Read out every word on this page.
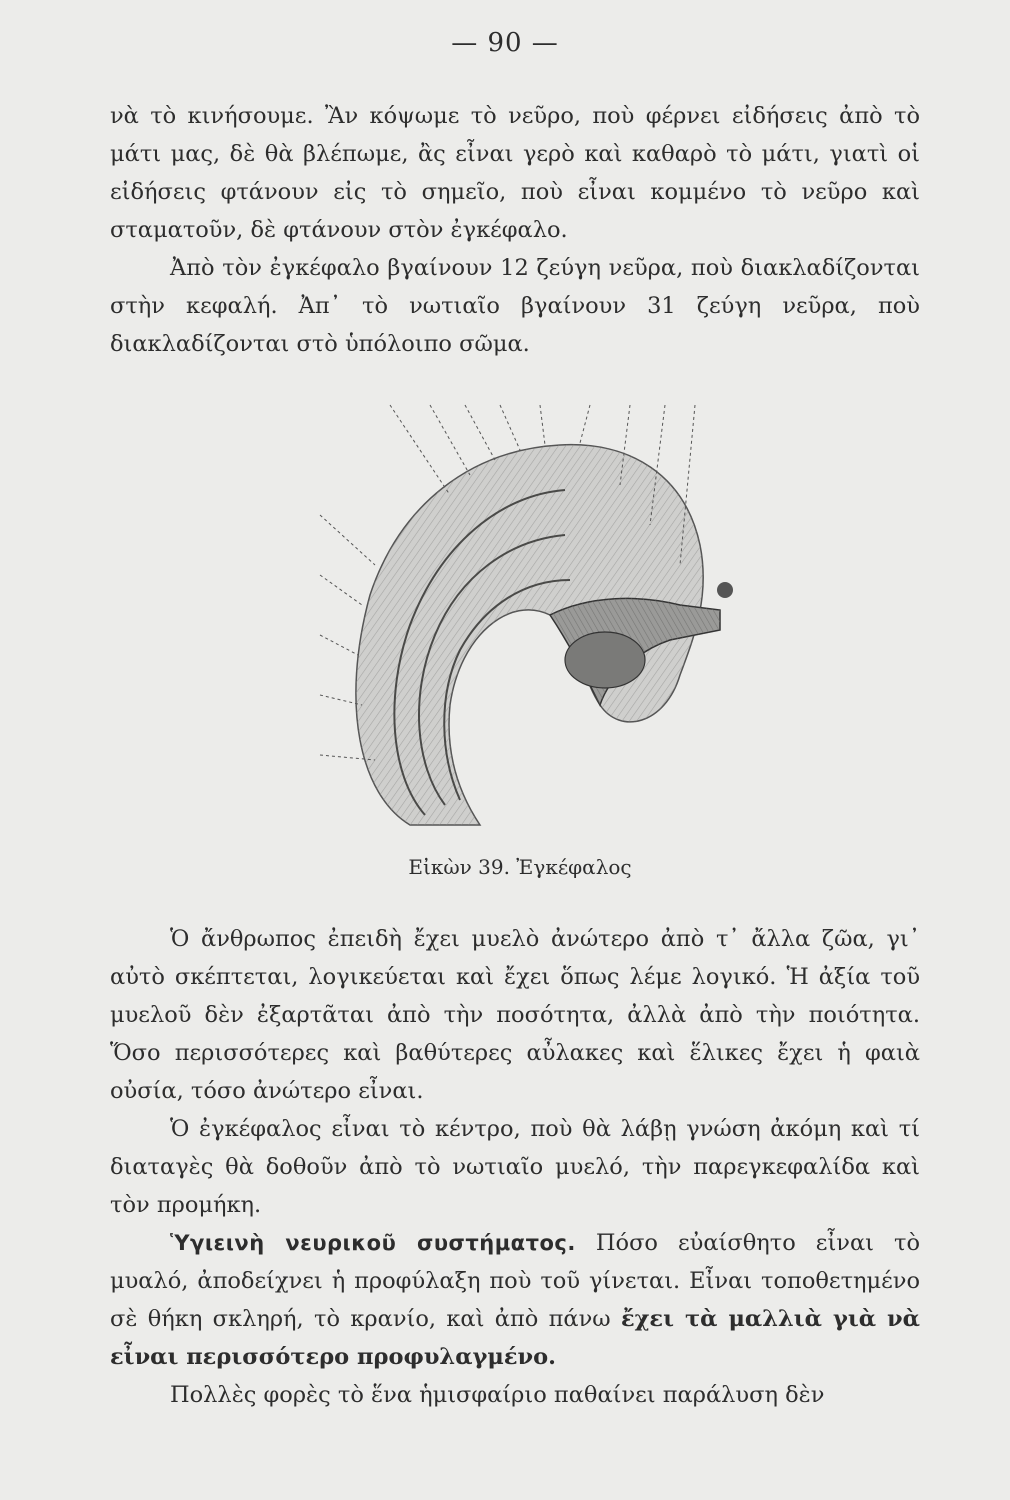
— 90 —

νὰ τὸ κινήσουμε. Ἂν κόψωμε τὸ νεῦρο, ποὺ φέρνει εἰδήσεις ἀπὸ τὸ μάτι μας, δὲ θὰ βλέπωμε, ἂς εἶναι γερὸ καὶ καθαρὸ τὸ μάτι, γιατὶ οἱ εἰδήσεις φτάνουν εἰς τὸ σημεῖο, ποὺ εἶναι κομμένο τὸ νεῦρο καὶ σταματοῦν, δὲ φτάνουν στὸν ἐγκέφαλο.

Ἀπὸ τὸν ἐγκέφαλο βγαίνουν 12 ζεύγη νεῦρα, ποὺ διακλαδίζονται στὴν κεφαλή. Ἀπ᾽ τὸ νωτιαῖο βγαίνουν 31 ζεύγη νεῦρα, ποὺ διακλαδίζονται στὸ ὑπόλοιπο σῶμα.

Εἰκὼν 39. Ἐγκέφαλος

Ὁ ἄνθρωπος ἐπειδὴ ἔχει μυελὸ ἀνώτερο ἀπὸ τ᾽ ἄλλα ζῶα, γι᾽ αὐτὸ σκέπτεται, λογικεύεται καὶ ἔχει ὅπως λέμε λογικό. Ἡ ἀξία τοῦ μυελοῦ δὲν ἐξαρτᾶται ἀπὸ τὴν ποσότητα, ἀλλὰ ἀπὸ τὴν ποιότητα. Ὅσο περισσότερες καὶ βαθύτερες αὖλακες καὶ ἕλικες ἔχει ἡ φαιὰ οὐσία, τόσο ἀνώτερο εἶναι.

Ὁ ἐγκέφαλος εἶναι τὸ κέντρο, ποὺ θὰ λάβῃ γνώση ἀκόμη καὶ τί διαταγὲς θὰ δοθοῦν ἀπὸ τὸ νωτιαῖο μυελό, τὴν παρεγκεφαλίδα καὶ τὸν προμήκη.

Ὑγιεινὴ νευρικοῦ συστήματος. Πόσο εὐαίσθητο εἶναι τὸ μυαλό, ἀποδείχνει ἡ προφύλαξη ποὺ τοῦ γίνεται. Εἶναι τοποθετημένο σὲ θήκη σκληρή, τὸ κρανίο, καὶ ἀπὸ πάνω ἔχει τὰ μαλλιὰ γιὰ νὰ εἶναι περισσότερο προφυλαγμένο.

Πολλὲς φορὲς τὸ ἕνα ἡμισφαίριο παθαίνει παράλυση δὲν
